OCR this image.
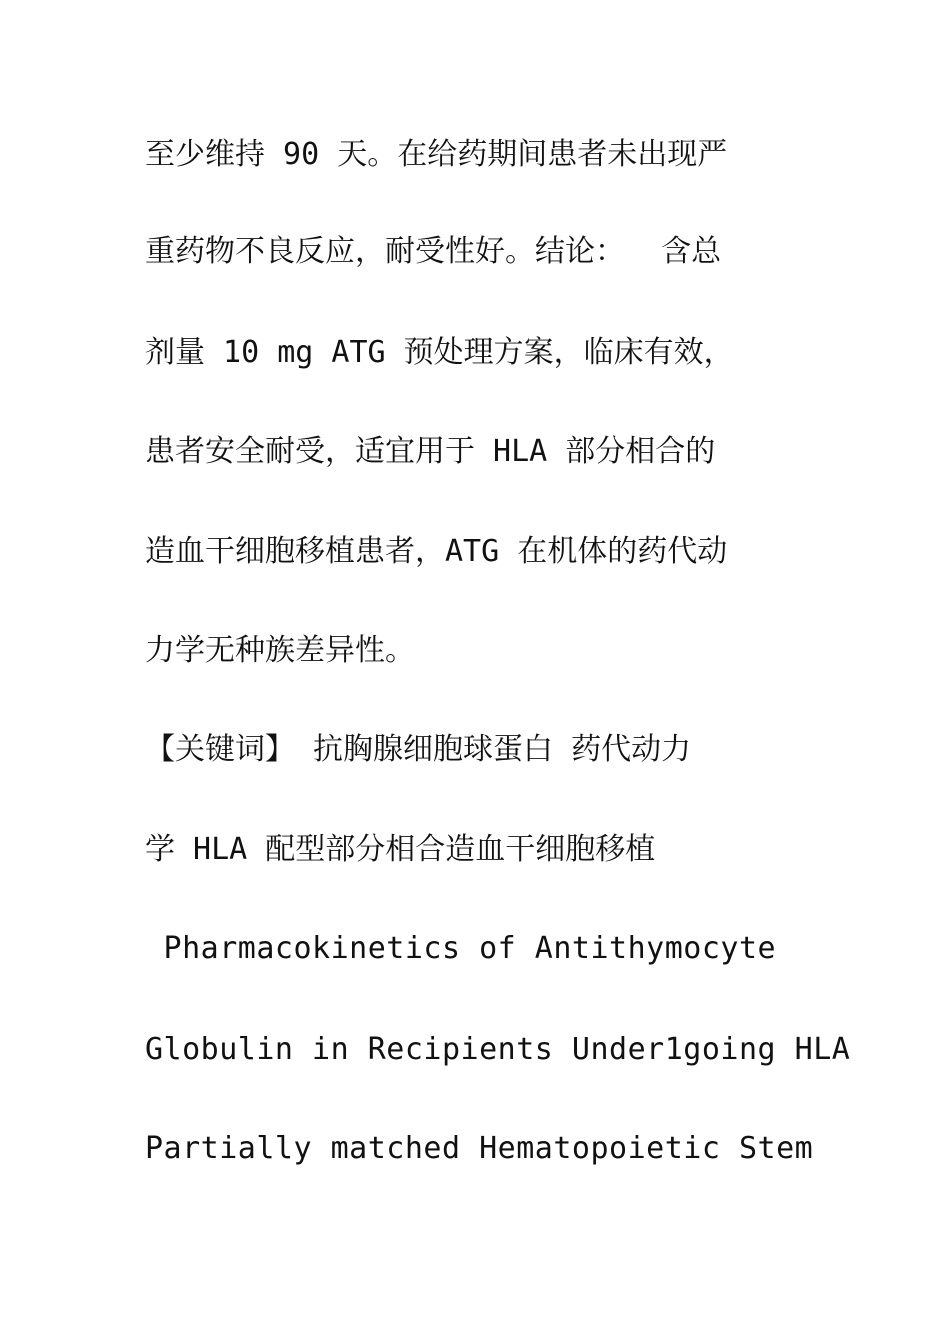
至少维持 90 天。在给药期间患者未出现严
重药物不良反应，耐受性好。结论：  含总
剂量 10 mg ATG 预处理方案，临床有效，
患者安全耐受，适宜用于 HLA 部分相合的
造血干细胞移植患者，ATG 在机体的药代动
力学无种族差异性。
【关键词】 抗胸腺细胞球蛋白 药代动力
学 HLA 配型部分相合造血干细胞移植
Pharmacokinetics of Antithymocyte
Globulin in Recipients Under1going HLA
Partially matched Hematopoietic Stem
